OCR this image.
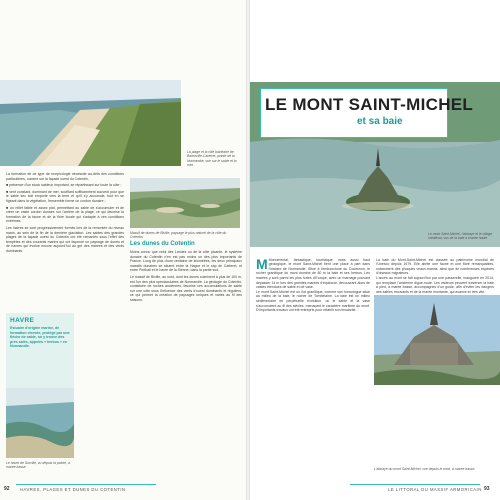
La plage et la ville balnéaire de Barneville-Carteret, pointe de la Normandie, vue sur le sable et la mer.
Massif de dunes de Biville, paysage le plus naturel de la côte du Cotentin.

La formation de ce type de morphologie nécessite au-delà des conditions particulières, comme sur la façade ouest du Cotentin,

■ présence d'un stock sableux important, se répartissant sur toute la côte ;

■ vent constant, dominant de mer, soufflant suffisamment souvent pour que le sable sec soit emporté vers la terre et qu'il s'y accumule, tout en se figeant dans la végétation, l'ensemble forme un cordon dunaire ;

■ un relief faible et assez plat, permettant au sable de s'accumuler et de créer un vaste cordon dunaire sur l'arrière de la plage, ce qui favorise la formation de la faune et de la flore locale qui s'adapte à ces conditions extrêmes.

Les havres se sont progressivement formés lors de la remontée du niveau marin, au sein de la fin de la dernière glaciation. Les sables des grandes plages de la façade ouest du Cotentin ont été remaniés sous l'effet des tempêtes et des courants marins qui ont façonné un paysage de dunes et de havres qui évolue encore aujourd'hui au gré des marées et des vents dominants.

Les dunes du Cotentin

Moins connu que celui des Landes ou de la côte picarde, le système dunaire du Cotentin n'en est pas moins un des plus importants de France. Long de plus d'une centaine de kilomètres, les deux principaux massifs dunaires se situent entre la Hague et le cap de Carteret, et entre Portbail et le havre de la Sienne, dans la partie sud.

Le massif de Biville, au nord, dont les dunes culminent à plus de 100 m, est l'un des plus spectaculaires de Normandie. La géologie du Cotentin, constituée de roches anciennes, favorise ces accumulations de sable sur une côte sous l'influence des vents d'ouest dominants et réguliers, ce qui permet la création de paysages uniques et variés au fil des saisons.

HAVRE
Estuaire d'origine marine, de formation récente, protégé par une flèche de sable, on y trouve des prés salés, appelés « herbus » en Normandie.
Le havre de Surville, vu depuis la pointe, à marée basse.
92 HAVRES, PLAGES ET DUNES DU COTENTIN
LE MONT SAINT-MICHEL
et sa baie
Le mont Saint-Michel, l'abbaye et le village médiéval, vus de la baie à marée haute.

M Monumental, fantastique, touristique, mais aussi haut géologique, le mont Saint-Michel tient une place à part dans l'histoire de Normandie. Situé à l'embouchure du Couesnon, le rocher granitique du mont domine de 80 m la baie et ses herbus. Les marées y sont parmi les plus fortes d'Europe, avec un marnage pouvant dépasser 14 m lors des grandes marées d'équinoxe, découvrant alors de vastes étendues de sable et de vase.
Le mont Saint-Michel est un îlot granitique, comme son homologue situé au milieu de la baie, le rocher de Tombelaine. La baie est un milieu sédimentaire en perpétuelle évolution, où le sable et la vase s'accumulent au fil des siècles, menaçant le caractère maritime du mont. D'importants travaux ont été entrepris pour rétablir son insularité.

La baie du Mont-Saint-Michel est classée au patrimoine mondial de l'Unesco depuis 1979. Elle abrite une faune et une flore remarquables, notamment des phoques veaux-marins, ainsi que de nombreuses espèces d'oiseaux migrateurs.
L'accès au mont se fait aujourd'hui par une passerelle, inaugurée en 2014, qui remplace l'ancienne digue-route. Les visiteurs peuvent traverser la baie à pied, à marée basse, accompagnés d'un guide, afin d'éviter les dangers des sables mouvants et de la marée montante, qui avance ici très vite.

L'abbaye du mont Saint-Michel, vue depuis le nord, à marée basse.
LE LITTORAL DU MASSIF ARMORICAIN 93
